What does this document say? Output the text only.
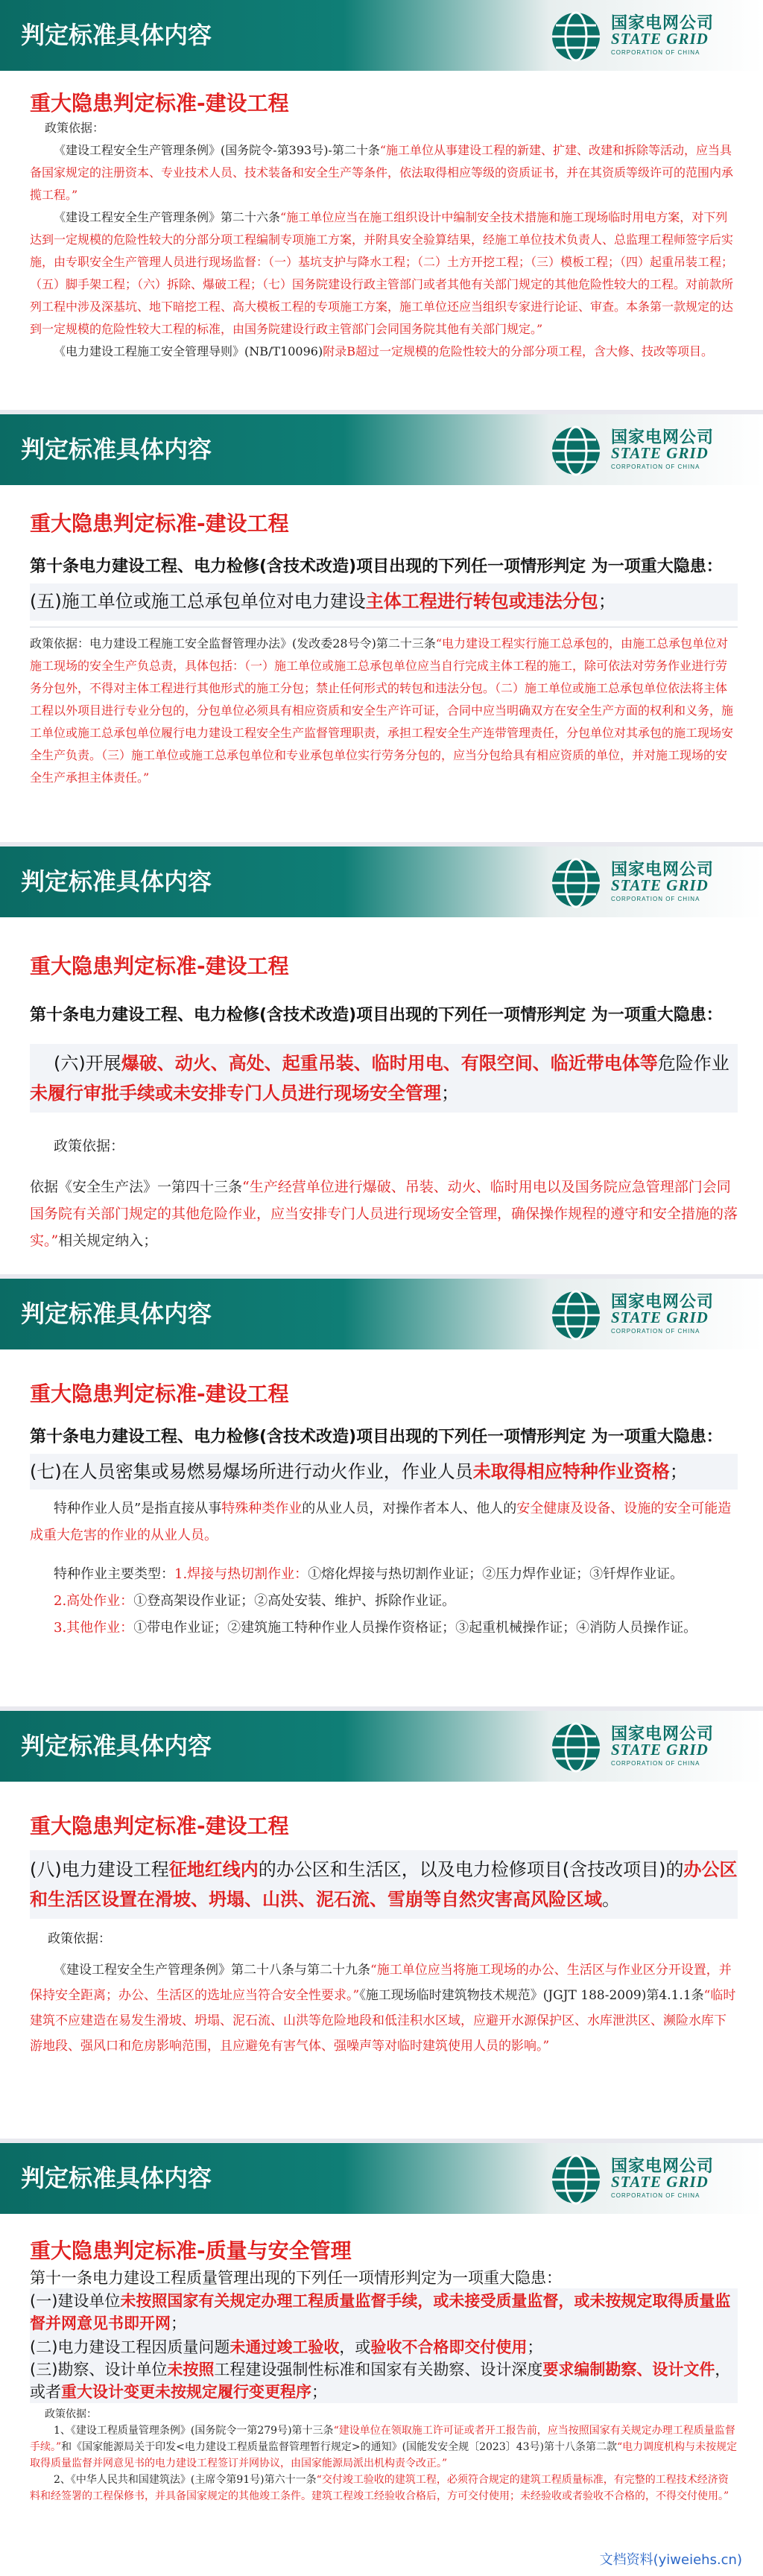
判定标准具体内容	国家电网公司
STATE GRID
CORPORATION OF CHINA
重大隐患判定标准-建设工程
政策依据：
《建设工程安全生产管理条例》(国务院令-第393号)-第二十条“施工单位从事建设工程的新建、扩建、改建和拆除等活动，应当具备国家规定的注册资本、专业技术人员、技术装备和安全生产等条件，依法取得相应等级的资质证书，并在其资质等级许可的范围内承揽工程。”
《建设工程安全生产管理条例》第二十六条“施工单位应当在施工组织设计中编制安全技术措施和施工现场临时用电方案，对下列达到一定规模的危险性较大的分部分项工程编制专项施工方案，并附具安全验算结果，经施工单位技术负责人、总监理工程师签字后实施，由专职安全生产管理人员进行现场监督：（一）基坑支护与降水工程；（二）土方开挖工程；（三）模板工程；（四）起重吊装工程；（五）脚手架工程；（六）拆除、爆破工程；（七）国务院建设行政主管部门或者其他有关部门规定的其他危险性较大的工程。对前款所列工程中涉及深基坑、地下暗挖工程、高大模板工程的专项施工方案，施工单位还应当组织专家进行论证、审查。本条第一款规定的达到一定规模的危险性较大工程的标准，由国务院建设行政主管部门会同国务院其他有关部门规定。”
《电力建设工程施工安全管理导则》(NB/T10096)附录B超过一定规模的危险性较大的分部分项工程，含大修、技改等项目。
判定标准具体内容	国家电网公司
STATE GRID
CORPORATION OF CHINA
重大隐患判定标准-建设工程
第十条电力建设工程、电力检修(含技术改造)项目出现的下列任一项情形判定 为一项重大隐患：
(五)施工单位或施工总承包单位对电力建设主体工程进行转包或违法分包；
政策依据：电力建设工程施工安全监督管理办法》(发改委28号令)第二十三条“电力建设工程实行施工总承包的，由施工总承包单位对施工现场的安全生产负总责，具体包括：（一）施工单位或施工总承包单位应当自行完成主体工程的施工，除可依法对劳务作业进行劳务分包外，不得对主体工程进行其他形式的施工分包；禁止任何形式的转包和违法分包。（二）施工单位或施工总承包单位依法将主体工程以外项目进行专业分包的，分包单位必须具有相应资质和安全生产许可证，合同中应当明确双方在安全生产方面的权利和义务，施工单位或施工总承包单位履行电力建设工程安全生产监督管理职责，承担工程安全生产连带管理责任，分包单位对其承包的施工现场安全生产负责。（三）施工单位或施工总承包单位和专业承包单位实行劳务分包的，应当分包给具有相应资质的单位，并对施工现场的安全生产承担主体责任。”
判定标准具体内容	国家电网公司
STATE GRID
CORPORATION OF CHINA
重大隐患判定标准-建设工程
第十条电力建设工程、电力检修(含技术改造)项目出现的下列任一项情形判定 为一项重大隐患：
(六)开展爆破、动火、高处、起重吊装、临时用电、有限空间、临近带电体等危险作业未履行审批手续或未安排专门人员进行现场安全管理；
政策依据：
依据《安全生产法》一第四十三条“生产经营单位进行爆破、吊装、动火、临时用电以及国务院应急管理部门会同国务院有关部门规定的其他危险作业，应当安排专门人员进行现场安全管理，确保操作规程的遵守和安全措施的落实。”相关规定纳入；
判定标准具体内容	国家电网公司
STATE GRID
CORPORATION OF CHINA
重大隐患判定标准-建设工程
第十条电力建设工程、电力检修(含技术改造)项目出现的下列任一项情形判定 为一项重大隐患：
(七)在人员密集或易燃易爆场所进行动火作业，作业人员未取得相应特种作业资格；
特种作业人员”是指直接从事特殊种类作业的从业人员，对操作者本人、他人的安全健康及设备、设施的安全可能造成重大危害的作业的从业人员。
特种作业主要类型：1.焊接与热切割作业：①熔化焊接与热切割作业证；②压力焊作业证；③钎焊作业证。
2.高处作业：①登高架设作业证；②高处安装、维护、拆除作业证。
3.其他作业：①带电作业证；②建筑施工特种作业人员操作资格证；③起重机械操作证；④消防人员操作证。
判定标准具体内容	国家电网公司
STATE GRID
CORPORATION OF CHINA
重大隐患判定标准-建设工程
(八)电力建设工程征地红线内的办公区和生活区，以及电力检修项目(含技改项目)的办公区和生活区设置在滑坡、坍塌、山洪、泥石流、雪崩等自然灾害高风险区域。
政策依据：
《建设工程安全生产管理条例》第二十八条与第二十九条“施工单位应当将施工现场的办公、生活区与作业区分开设置，并保持安全距离；办公、生活区的选址应当符合安全性要求。”《施工现场临时建筑物技术规范》(JGJT 188-2009)第4.1.1条“临时建筑不应建造在易发生滑坡、坍塌、泥石流、山洪等危险地段和低洼积水区域，应避开水源保护区、水库泄洪区、濒险水库下游地段、强风口和危房影响范围，且应避免有害气体、强噪声等对临时建筑使用人员的影响。”
判定标准具体内容	国家电网公司
STATE GRID
CORPORATION OF CHINA
重大隐患判定标准-质量与安全管理
第十一条电力建设工程质量管理出现的下列任一项情形判定为一项重大隐患：
(一)建设单位未按照国家有关规定办理工程质量监督手续，或未接受质量监督，或未按规定取得质量监督并网意见书即开网；
(二)电力建设工程因质量问题未通过竣工验收，或验收不合格即交付使用；
(三)勘察、设计单位未按照工程建设强制性标准和国家有关勘察、设计深度要求编制勘察、设计文件，或者重大设计变更未按规定履行变更程序；
政策依据：
1、《建设工程质量管理条例》(国务院令一第279号)第十三条“建设单位在领取施工许可证或者开工报告前，应当按照国家有关规定办理工程质量监督手续。”和《国家能源局关于印发<电力建设工程质量监督管理暂行规定>的通知》(国能发安全规〔2023〕43号)第十八条第二款“电力调度机构与未按规定取得质量监督并网意见书的电力建设工程签订并网协议，由国家能源局派出机构责令改正。”
2、《中华人民共和国建筑法》(主席令第91号)第六十一条“交付竣工验收的建筑工程，必须符合规定的建筑工程质量标准，有完整的工程技术经济资料和经签署的工程保修书，并具备国家规定的其他竣工条件。建筑工程竣工经验收合格后，方可交付使用；未经验收或者验收不合格的，不得交付使用。”
文档资料(yiweiehs.cn)
